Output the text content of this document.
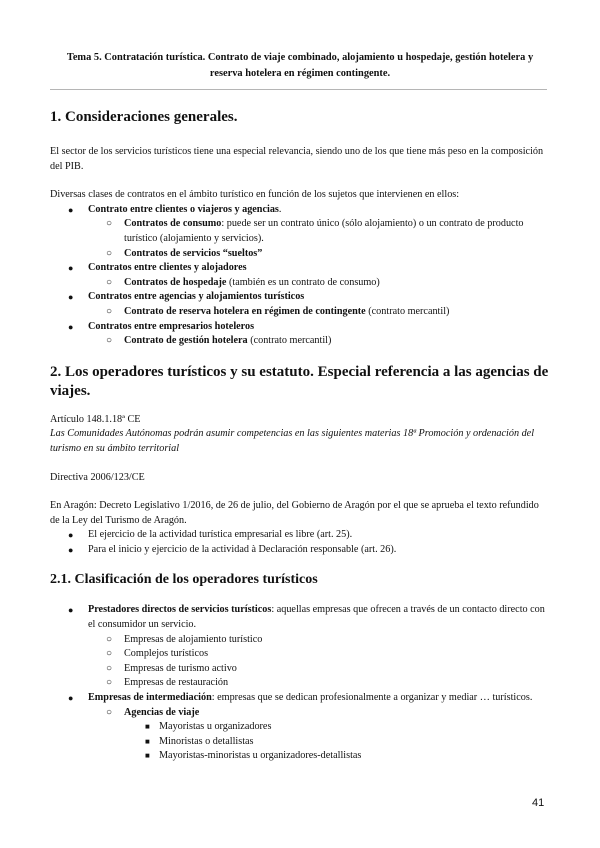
Tema 5. Contratación turística. Contrato de viaje combinado, alojamiento u hospedaje, gestión hotelera y reserva hotelera en régimen contingente.
1. Consideraciones generales.

El sector de los servicios turísticos tiene una especial relevancia, siendo uno de los que tiene más peso en la composición del PIB.

Diversas clases de contratos en el ámbito turístico en función de los sujetos que intervienen en ellos:

● Contrato entre clientes o viajeros y agencias.
○ Contratos de consumo: puede ser un contrato único (sólo alojamiento) o un contrato de producto turístico (alojamiento y servicios).
○ Contratos de servicios “sueltos”
● Contratos entre clientes y alojadores
○ Contratos de hospedaje (también es un contrato de consumo)
● Contratos entre agencias y alojamientos turísticos
○ Contrato de reserva hotelera en régimen de contingente (contrato mercantil)
● Contratos entre empresarios hoteleros
○ Contrato de gestión hotelera (contrato mercantil)
2. Los operadores turísticos y su estatuto. Especial referencia a las agencias de viajes.

Artículo 148.1.18ª CE

Las Comunidades Autónomas podrán asumir competencias en las siguientes materias 18ª Promoción y ordenación del turismo en su ámbito territorial

Directiva 2006/123/CE

En Aragón: Decreto Legislativo 1/2016, de 26 de julio, del Gobierno de Aragón por el que se aprueba el texto refundido de la Ley del Turismo de Aragón.

● El ejercicio de la actividad turística empresarial es libre (art. 25).
● Para el inicio y ejercicio de la actividad à Declaración responsable (art. 26).
2.1. Clasificación de los operadores turísticos
● Prestadores directos de servicios turísticos: aquellas empresas que ofrecen a través de un contacto directo con el consumidor un servicio.
○ Empresas de alojamiento turístico
○ Complejos turísticos
○ Empresas de turismo activo
○ Empresas de restauración
● Empresas de intermediación: empresas que se dedican profesionalmente a organizar y mediar … turísticos.
○ Agencias de viaje
■ Mayoristas u organizadores
■ Minoristas o detallistas
■ Mayoristas-minoristas u organizadores-detallistas
41
